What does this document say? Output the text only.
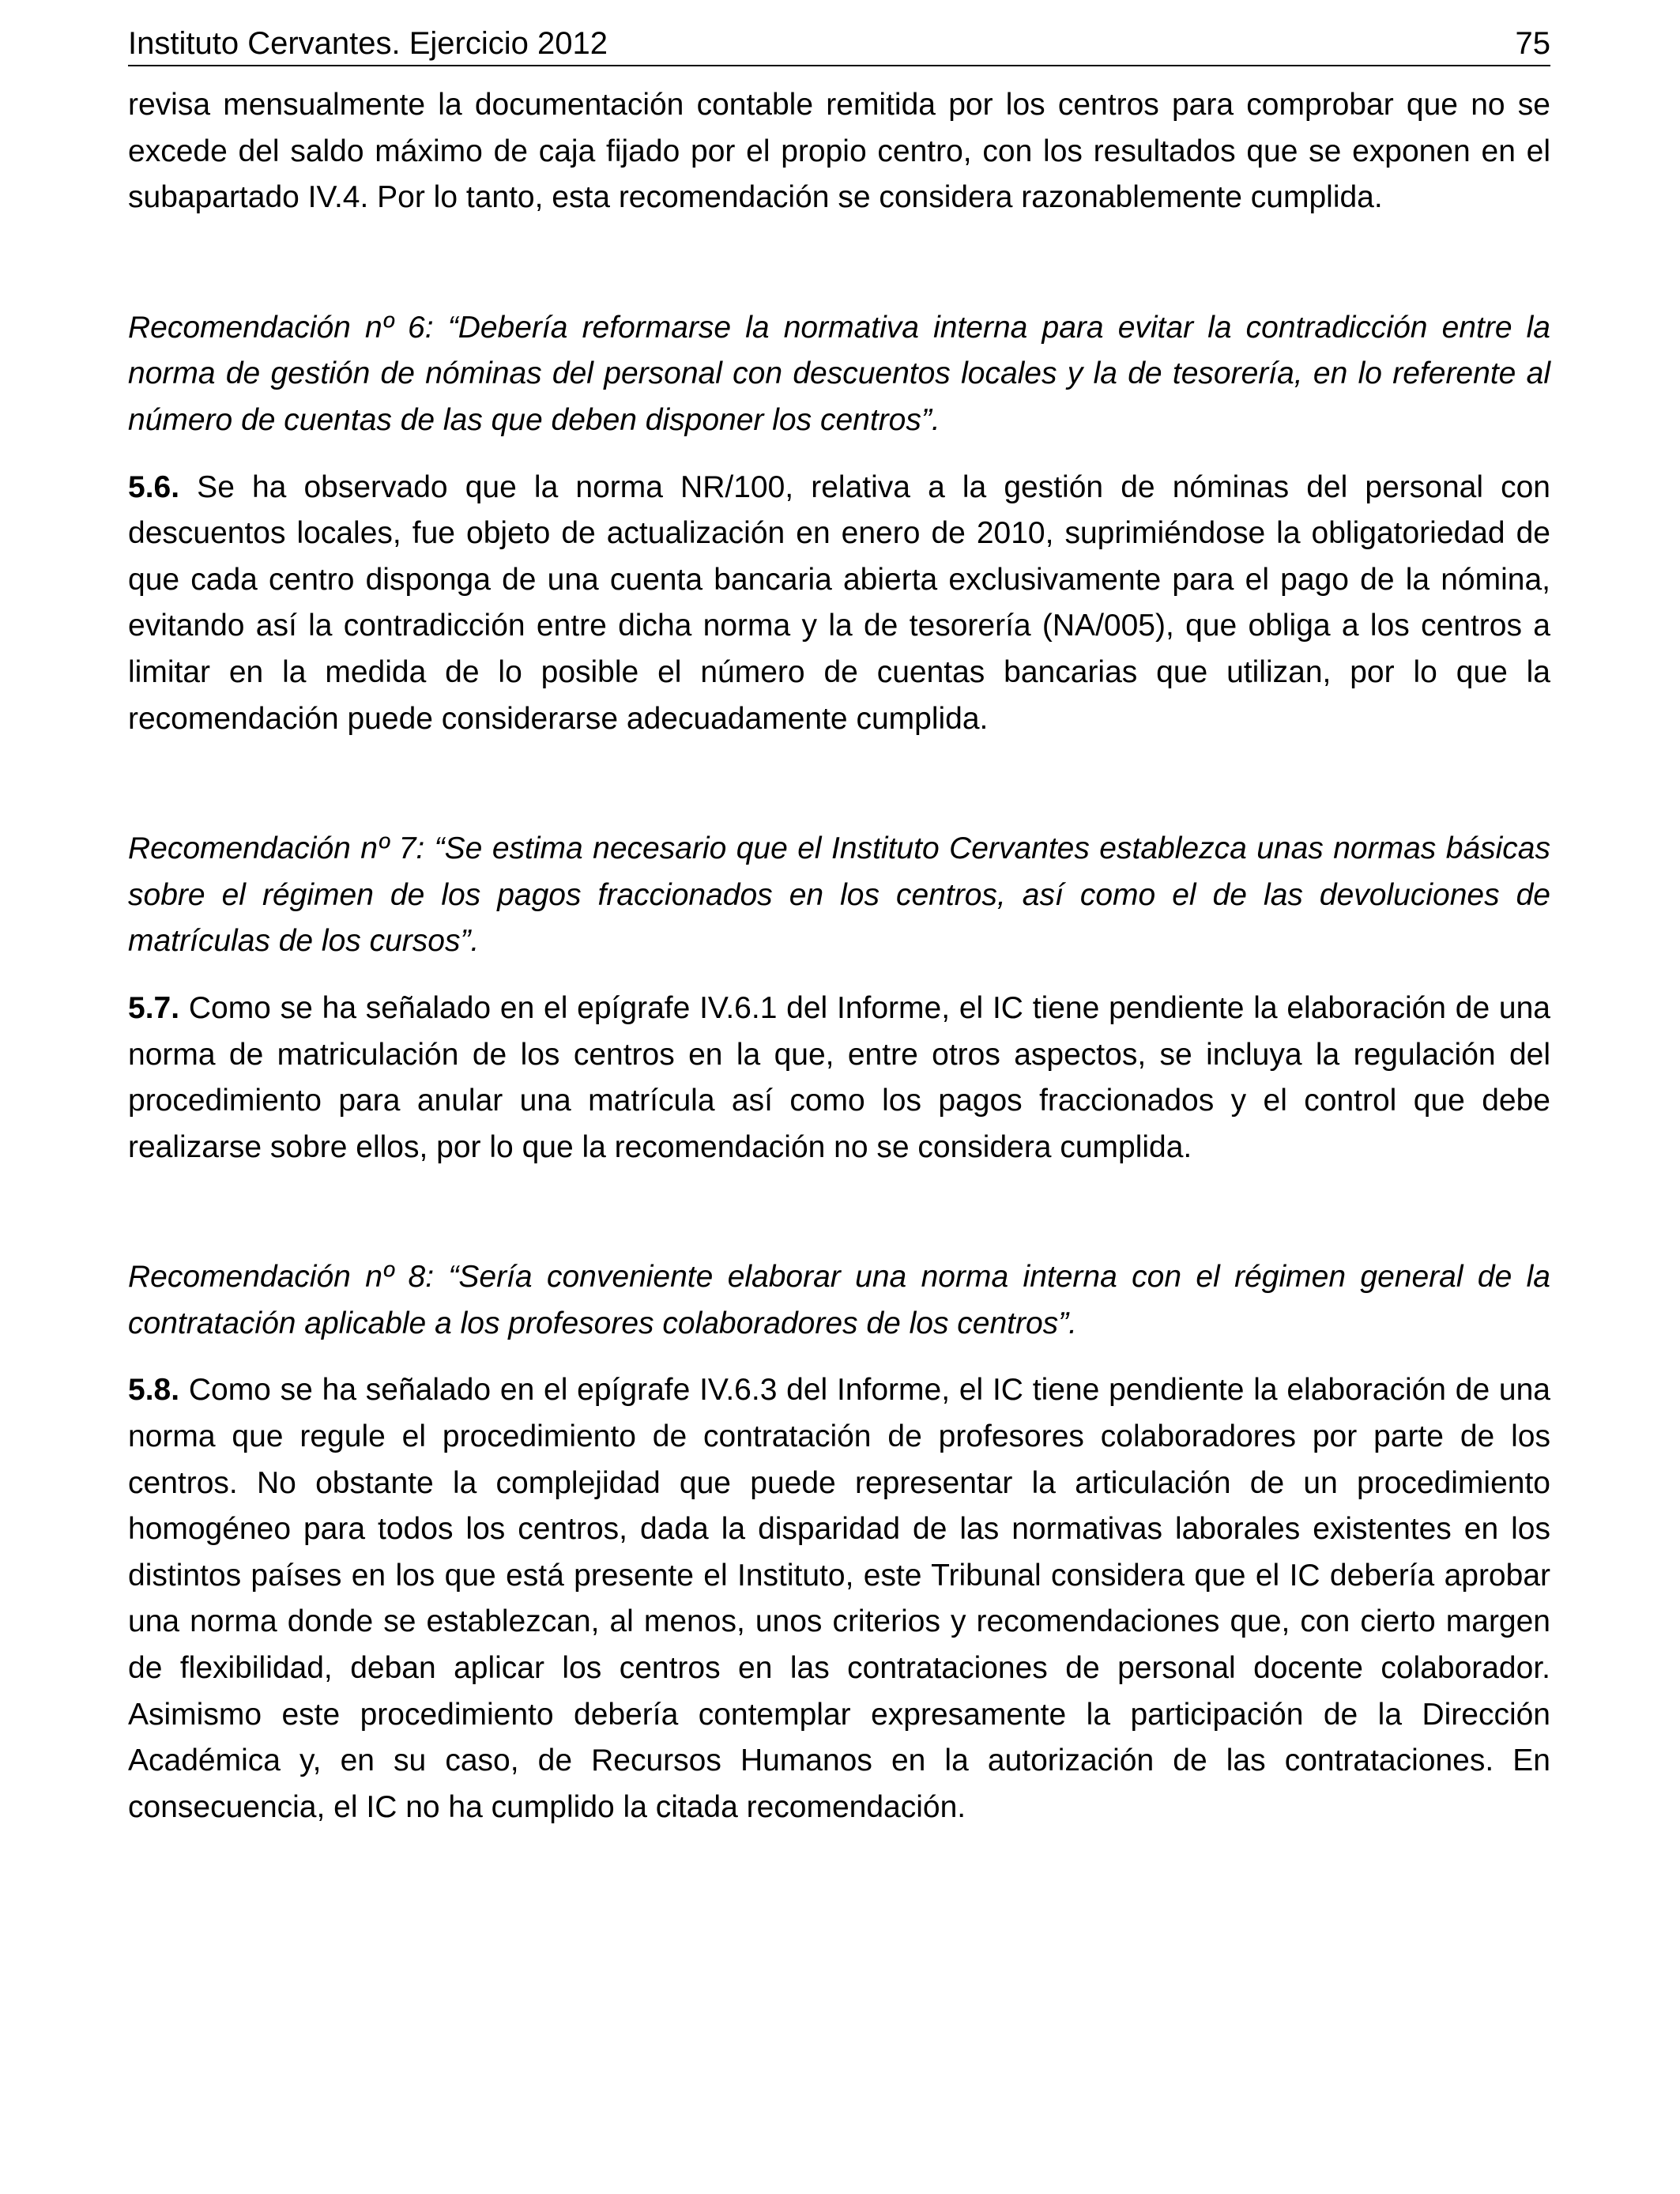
Instituto Cervantes. Ejercicio 2012	75

revisa mensualmente la documentación contable remitida por los centros para comprobar que no se excede del saldo máximo de caja fijado por el propio centro, con los resultados que se exponen en el subapartado IV.4. Por lo tanto, esta recomendación se considera razonablemente cumplida.

Recomendación nº 6: “Debería reformarse la normativa interna para evitar la contradicción entre la norma de gestión de nóminas del personal con descuentos locales y la de tesorería, en lo referente al número de cuentas de las que deben disponer los centros”.

5.6. Se ha observado que la norma NR/100, relativa a la gestión de nóminas del personal con descuentos locales, fue objeto de actualización en enero de 2010, suprimiéndose la obligatoriedad de que cada centro disponga de una cuenta bancaria abierta exclusivamente para el pago de la nómina, evitando así la contradicción entre dicha norma y la de tesorería (NA/005), que obliga a los centros a limitar en la medida de lo posible el número de cuentas bancarias que utilizan, por lo que la recomendación puede considerarse adecuadamente cumplida.

Recomendación nº 7: “Se estima necesario que el Instituto Cervantes establezca unas normas básicas sobre el régimen de los pagos fraccionados en los centros, así como el de las devoluciones de matrículas de los cursos”.

5.7. Como se ha señalado en el epígrafe IV.6.1 del Informe, el IC tiene pendiente la elaboración de una norma de matriculación de los centros en la que, entre otros aspectos, se incluya la regulación del procedimiento para anular una matrícula así como los pagos fraccionados y el control que debe realizarse sobre ellos, por lo que la recomendación no se considera cumplida.

Recomendación nº 8: “Sería conveniente elaborar una norma interna con el régimen general de la contratación aplicable a los profesores colaboradores de los centros”.

5.8. Como se ha señalado en el epígrafe IV.6.3 del Informe, el IC tiene pendiente la elaboración de una norma que regule el procedimiento de contratación de profesores colaboradores por parte de los centros. No obstante la complejidad que puede representar la articulación de un procedimiento homogéneo para todos los centros, dada la disparidad de las normativas laborales existentes en los distintos países en los que está presente el Instituto, este Tribunal considera que el IC debería aprobar una norma donde se establezcan, al menos, unos criterios y recomendaciones que, con cierto margen de flexibilidad, deban aplicar los centros en las contrataciones de personal docente colaborador. Asimismo este procedimiento debería contemplar expresamente la participación de la Dirección Académica y, en su caso, de Recursos Humanos en la autorización de las contrataciones. En consecuencia, el IC no ha cumplido la citada recomendación.
